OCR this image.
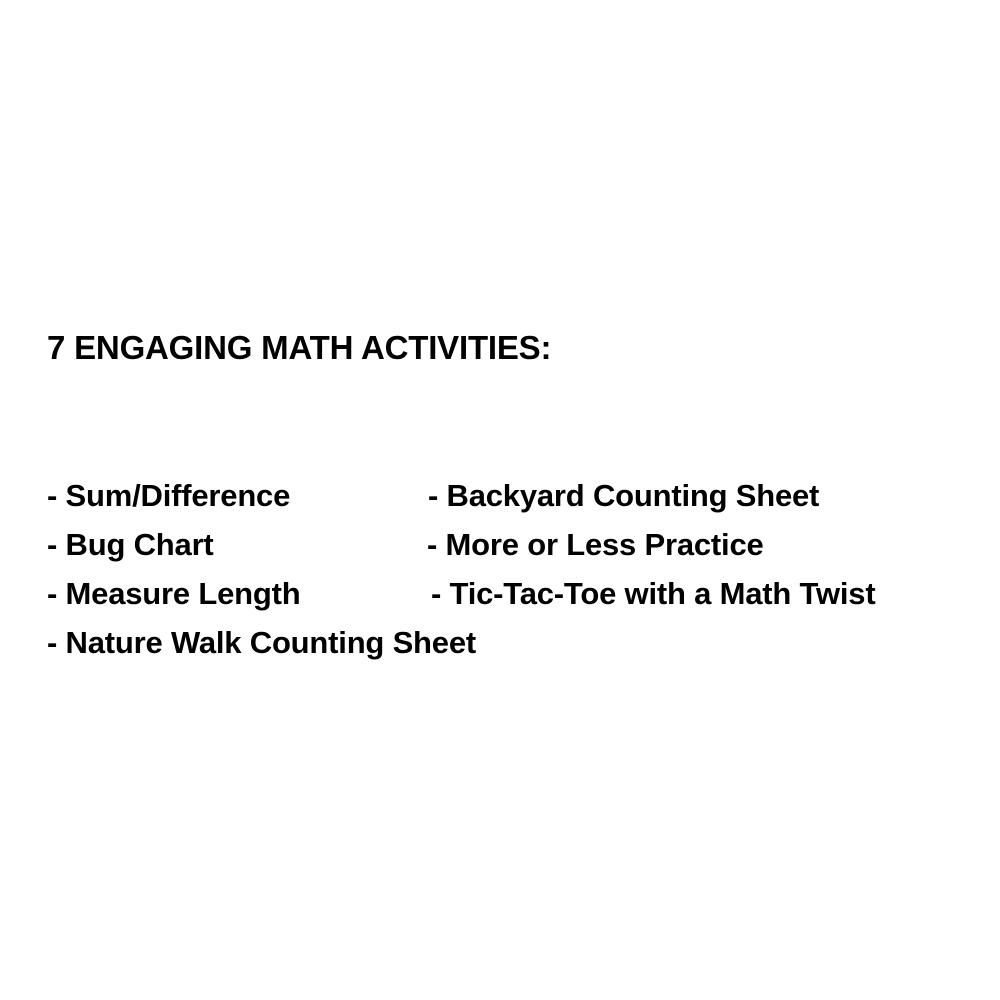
7 ENGAGING MATH ACTIVITIES:
- Sum/Difference	- Backyard Counting Sheet
- Bug Chart	- More or Less Practice
- Measure Length	- Tic-Tac-Toe with a Math Twist
- Nature Walk Counting Sheet
